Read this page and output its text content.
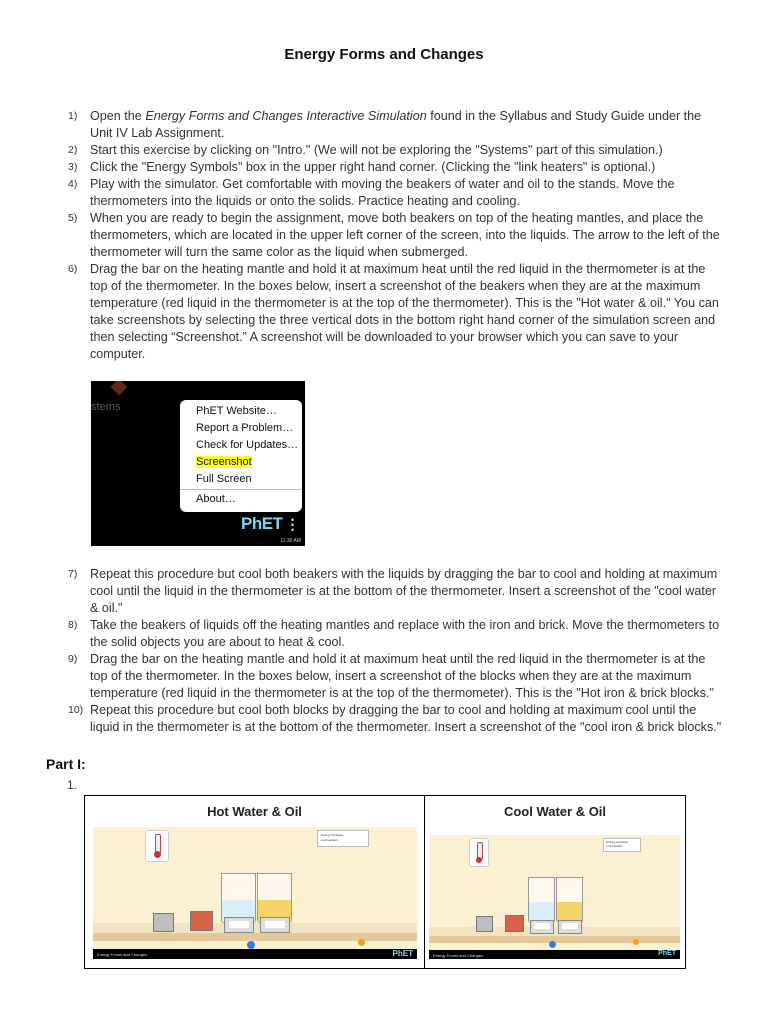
Energy Forms and Changes
1)	Open the Energy Forms and Changes Interactive Simulation found in the Syllabus and Study Guide under the Unit IV Lab Assignment.
2)	Start this exercise by clicking on "Intro." (We will not be exploring the "Systems" part of this simulation.)
3)	Click the "Energy Symbols" box in the upper right hand corner. (Clicking the "link heaters" is optional.)
4)	Play with the simulator. Get comfortable with moving the beakers of water and oil to the stands. Move the thermometers into the liquids or onto the solids. Practice heating and cooling.
5)	When you are ready to begin the assignment, move both beakers on top of the heating mantles, and place the thermometers, which are located in the upper left corner of the screen, into the liquids. The arrow to the left of the thermometer will turn the same color as the liquid when submerged.
6)	Drag the bar on the heating mantle and hold it at maximum heat until the red liquid in the thermometer is at the top of the thermometer. In the boxes below, insert a screenshot of the beakers when they are at the maximum temperature (red liquid in the thermometer is at the top of the thermometer). This is the "Hot water & oil." You can take screenshots by selecting the three vertical dots in the bottom right hand corner of the simulation screen and then selecting “Screenshot.” A screenshot will be downloaded to your browser which you can save to your computer.
stems	PhET Website…
Report a Problem…
Check for Updates…
Screenshot
Full Screen
About…
PhET ⋮
11:30 AM
7)	Repeat this procedure but cool both beakers with the liquids by dragging the bar to cool and holding at maximum cool until the liquid in the thermometer is at the bottom of the thermometer. Insert a screenshot of the "cool water & oil."
8)	Take the beakers of liquids off the heating mantles and replace with the iron and brick. Move the thermometers to the solid objects you are about to heat & cool.
9)	Drag the bar on the heating mantle and hold it at maximum heat until the red liquid in the thermometer is at the top of the thermometer. In the boxes below, insert a screenshot of the blocks when they are at the maximum temperature (red liquid in the thermometer is at the top of the thermometer). This is the "Hot iron & brick blocks."
10) Repeat this procedure but cool both blocks by dragging the bar to cool and holding at maximum cool until the liquid in the thermometer is at the bottom of the thermometer. Insert a screenshot of the "cool iron & brick blocks."
Part I:
1.
Hot Water & Oil	Cool Water & Oil
Energy Symbols
Link Heaters
Energy Forms and Changes	PhET
Energy Symbols
Link Heaters
Energy Forms and Changes	PhET
